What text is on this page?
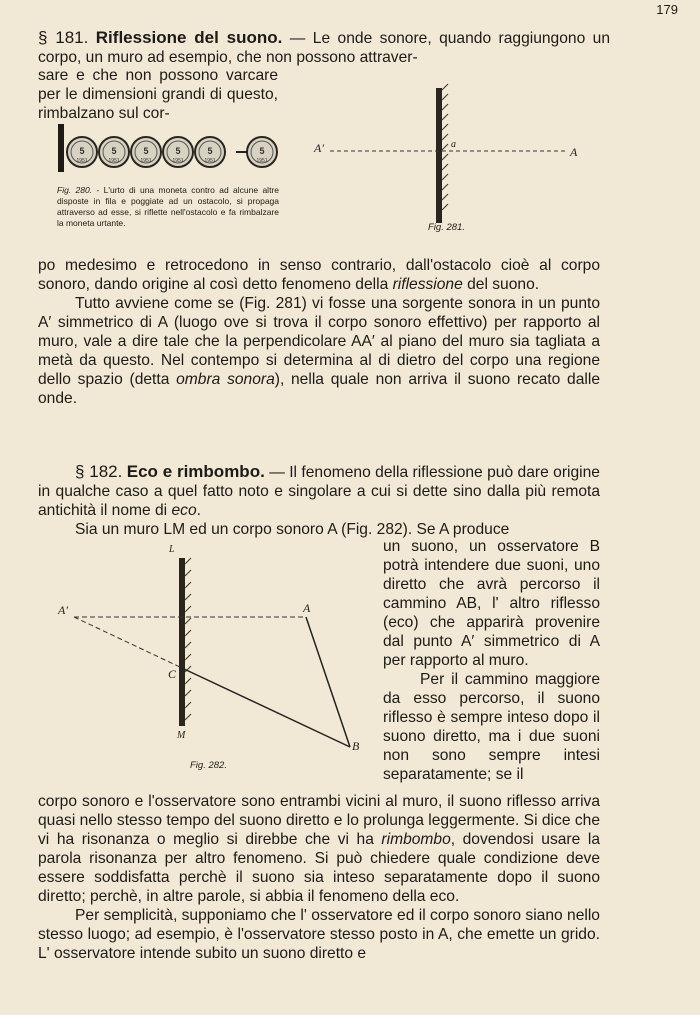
179
§ 181. Riflessione del suono. — Le onde sonore, quando raggiungono un corpo, un muro ad esempio, che non possono attraver-
sare e che non possono varcare per le dimensioni grandi di questo, rimbalzano sul cor-
5
1951
5
1951
5
1951
5
1951
5
1951
5
1951
Fig. 280. - L'urto di una moneta contro ad alcune altre disposte in fila e poggiate ad un ostacolo, si propaga attraverso ad esse, si riflette nell'ostacolo e fa rimbalzare la moneta urtante.
A′	a
A
Fig. 281.

po medesimo e retrocedono in senso contrario, dall'ostacolo cioè al corpo sonoro, dando origine al così detto fenomeno della riflessione del suono.

Tutto avviene come se (Fig. 281) vi fosse una sorgente sonora in un punto A′ simmetrico di A (luogo ove si trova il corpo sonoro effettivo) per rapporto al muro, vale a dire tale che la perpendicolare AA′ al piano del muro sia tagliata a metà da questo. Nel contempo si determina al di dietro del corpo una regione dello spazio (detta ombra sonora), nella quale non arriva il suono recato dalle onde.

§ 182. Eco e rimbombo. — Il fenomeno della riflessione può dare origine in qualche caso a quel fatto noto e singolare a cui si dette sino dalla più remota antichità il nome di eco.

Sia un muro LM ed un corpo sonoro A (Fig. 282). Se A produce

un suono, un osservatore B potrà intendere due suoni, uno diretto che avrà percorso il cammino AB, l' altro riflesso (eco) che apparirà provenire dal punto A′ simmetrico di A per rapporto al muro.

Per il cammino maggiore da esso percorso, il suono riflesso è sempre inteso dopo il suono diretto, ma i due suoni non sono sempre intesi separatamente; se il

L
M
C
A′	A
B
Fig. 282.

corpo sonoro e l'osservatore sono entrambi vicini al muro, il suono riflesso arriva quasi nello stesso tempo del suono diretto e lo prolunga leggermente. Si dice che vi ha risonanza o meglio si direbbe che vi ha rimbombo, dovendosi usare la parola risonanza per altro fenomeno. Si può chiedere quale condizione deve essere soddisfatta perchè il suono sia inteso separatamente dopo il suono diretto; perchè, in altre parole, si abbia il fenomeno della eco.

Per semplicità, supponiamo che l' osservatore ed il corpo sonoro siano nello stesso luogo; ad esempio, è l'osservatore stesso posto in A, che emette un grido. L' osservatore intende subito un suono diretto e
